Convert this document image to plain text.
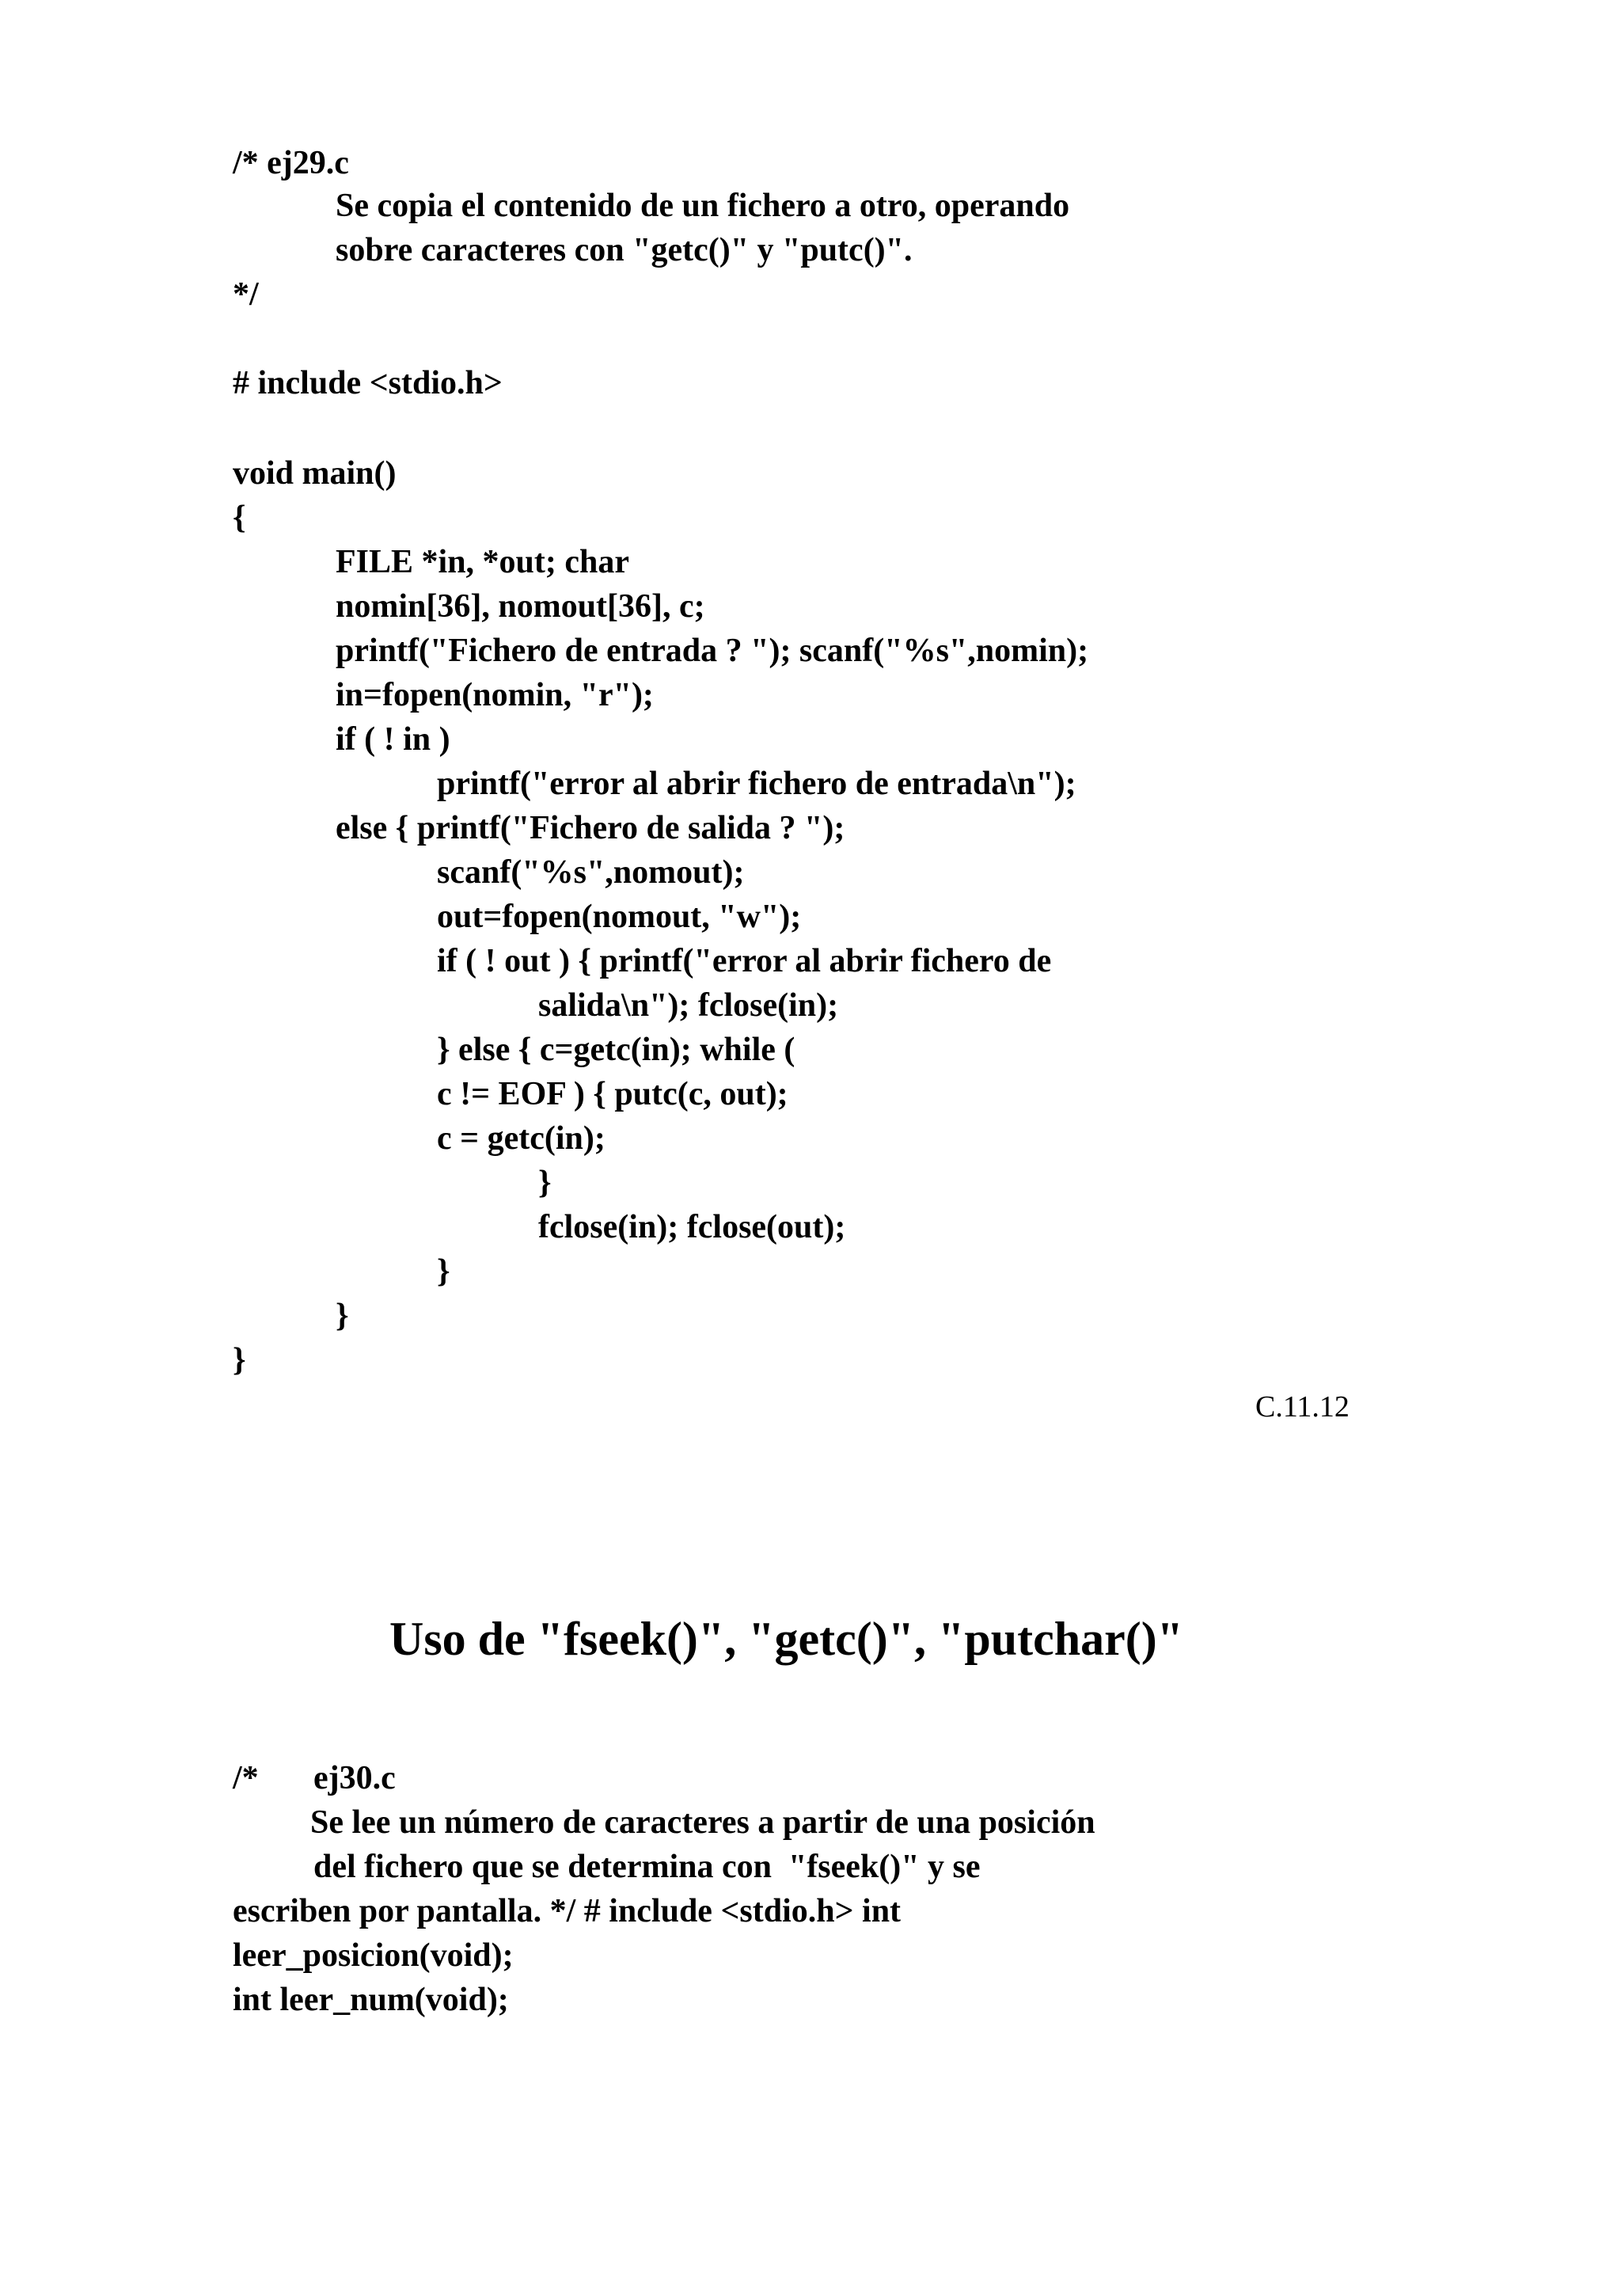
/* ej29.c

Se copia el contenido de un fichero a otro, operando

sobre caracteres con "getc()" y "putc()".

*/

# include <stdio.h>

void main()

{

FILE *in, *out; char

nomin[36], nomout[36], c;

printf("Fichero de entrada ? "); scanf("%s",nomin);

in=fopen(nomin, "r");

if ( ! in )

printf("error al abrir fichero de entrada\n");

else { printf("Fichero de salida ? ");

scanf("%s",nomout);

out=fopen(nomout, "w");

if ( ! out ) { printf("error al abrir fichero de

salida\n"); fclose(in);

} else { c=getc(in); while (

c != EOF ) { putc(c, out);

c = getc(in);

}

fclose(in); fclose(out);

}

}

}

C.11.12
Uso de "fseek()", "getc()", "putchar()"

/* ej30.c

Se lee un número de caracteres a partir de una posición

del fichero que se determina con  "fseek()" y se

escriben por pantalla. */ # include <stdio.h> int

leer_posicion(void);

int leer_num(void);
